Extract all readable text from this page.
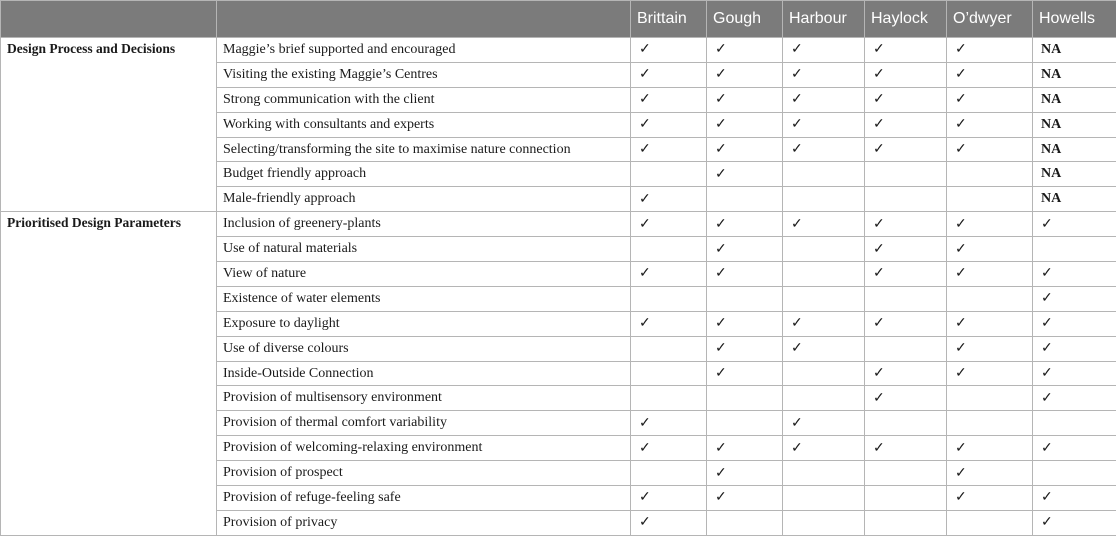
		Brittain	Gough	Harbour	Haylock	O’dwyer	Howells
Design Process and Decisions	Maggie’s brief supported and encouraged	✓	✓	✓	✓	✓	NA
	Visiting the existing Maggie’s Centres	✓	✓	✓	✓	✓	NA
	Strong communication with the client	✓	✓	✓	✓	✓	NA
	Working with consultants and experts	✓	✓	✓	✓	✓	NA
	Selecting/transforming the site to maximise nature connection	✓	✓	✓	✓	✓	NA
	Budget friendly approach		✓				NA
	Male-friendly approach	✓					NA
Prioritised Design Parameters	Inclusion of greenery-plants	✓	✓	✓	✓	✓	✓
	Use of natural materials		✓		✓	✓	
	View of nature	✓	✓		✓	✓	✓
	Existence of water elements						✓
	Exposure to daylight	✓	✓	✓	✓	✓	✓
	Use of diverse colours		✓	✓		✓	✓
	Inside-Outside Connection		✓		✓	✓	✓
	Provision of multisensory environment				✓		✓
	Provision of thermal comfort variability	✓		✓			
	Provision of welcoming-relaxing environment	✓	✓	✓	✓	✓	✓
	Provision of prospect		✓			✓	
	Provision of refuge-feeling safe	✓	✓			✓	✓
	Provision of privacy	✓					✓
